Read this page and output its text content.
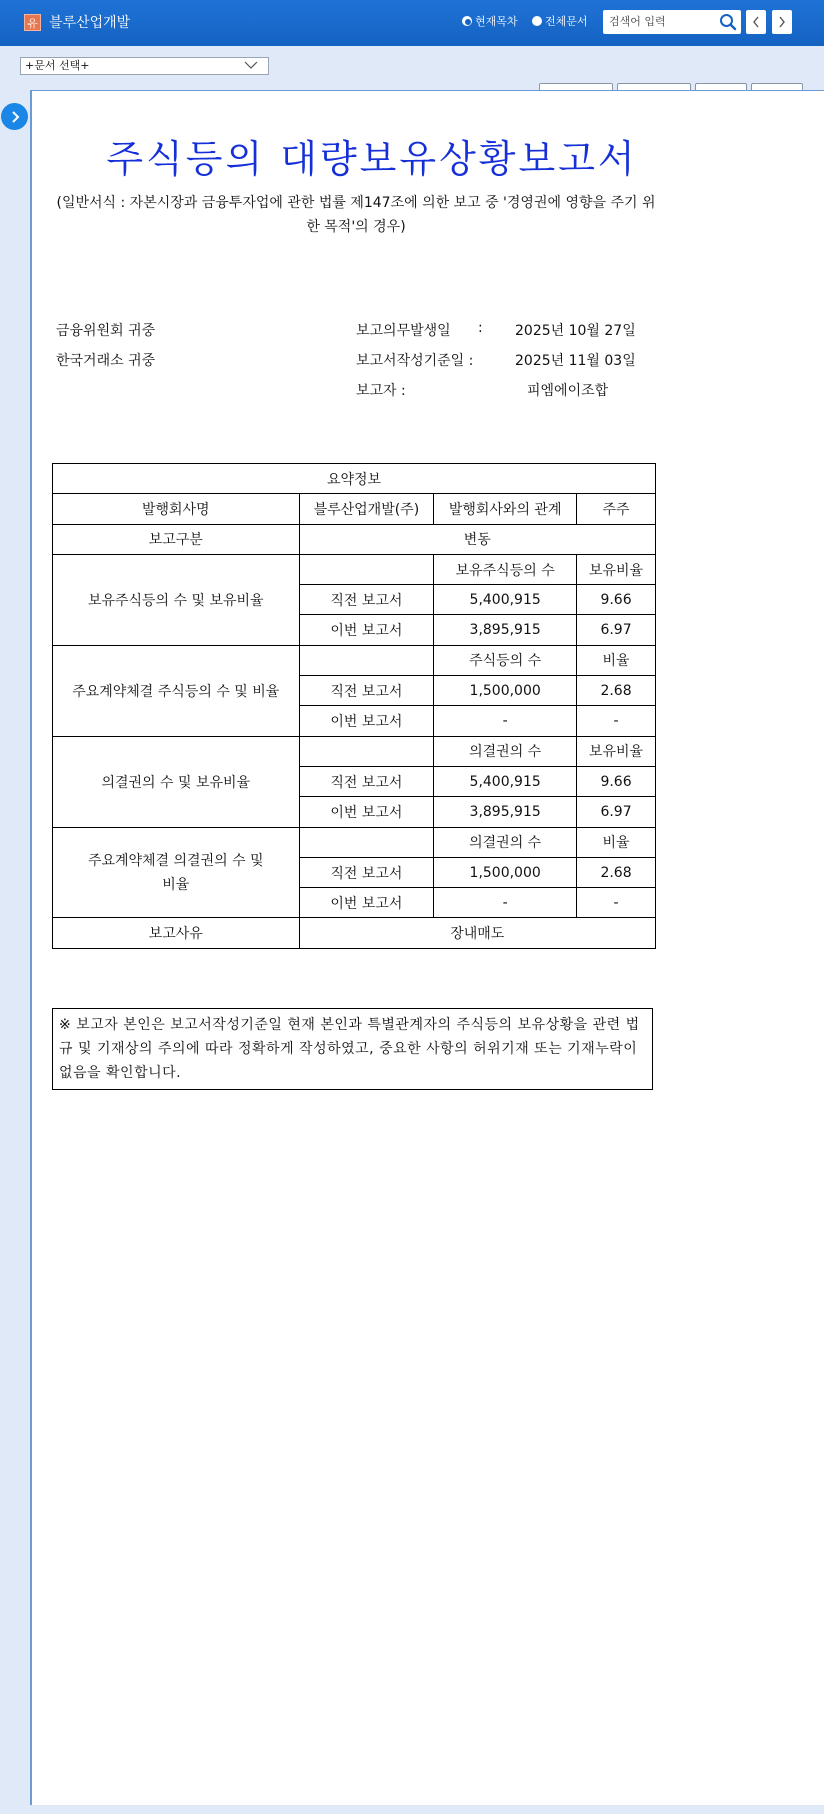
유 블루산업개발	현재목차 전체문서
검색어 입력
+문서 선택+
주식등의 대량보유상황보고서
(일반서식 : 자본시장과 금융투자업에 관한 법률 제147조에 의한 보고 중 '경영권에 영향을 주기 위한 목적'의 경우)
금융위원회 귀중
한국거래소 귀중
보고의무발생일 : 2025년 10월 27일
보고서작성기준일 :	2025년 11월 03일
보고자 :	피엠에이조합
요약정보			
발행회사명	블루산업개발(주)	발행회사와의 관계	주주
보고구분	변동		
보유주식등의 수 및 보유비율		보유주식등의 수	보유비율
	직전 보고서	5,400,915	9.66
	이번 보고서	3,895,915	6.97
주요계약체결 주식등의 수 및 비율		주식등의 수	비율
	직전 보고서	1,500,000	2.68
	이번 보고서	-	-
의결권의 수 및 보유비율		의결권의 수	보유비율
	직전 보고서	5,400,915	9.66
	이번 보고서	3,895,915	6.97
주요계약체결 의결권의 수 및 비율		의결권의 수	비율
	직전 보고서	1,500,000	2.68
	이번 보고서	-	-
보고사유	장내매도		
※ 보고자 본인은 보고서작성기준일 현재 본인과 특별관계자의 주식등의 보유상황을 관련 법규 및 기재상의 주의에 따라 정확하게 작성하였고, 중요한 사항의 허위기재 또는 기재누락이 없음을 확인합니다.
